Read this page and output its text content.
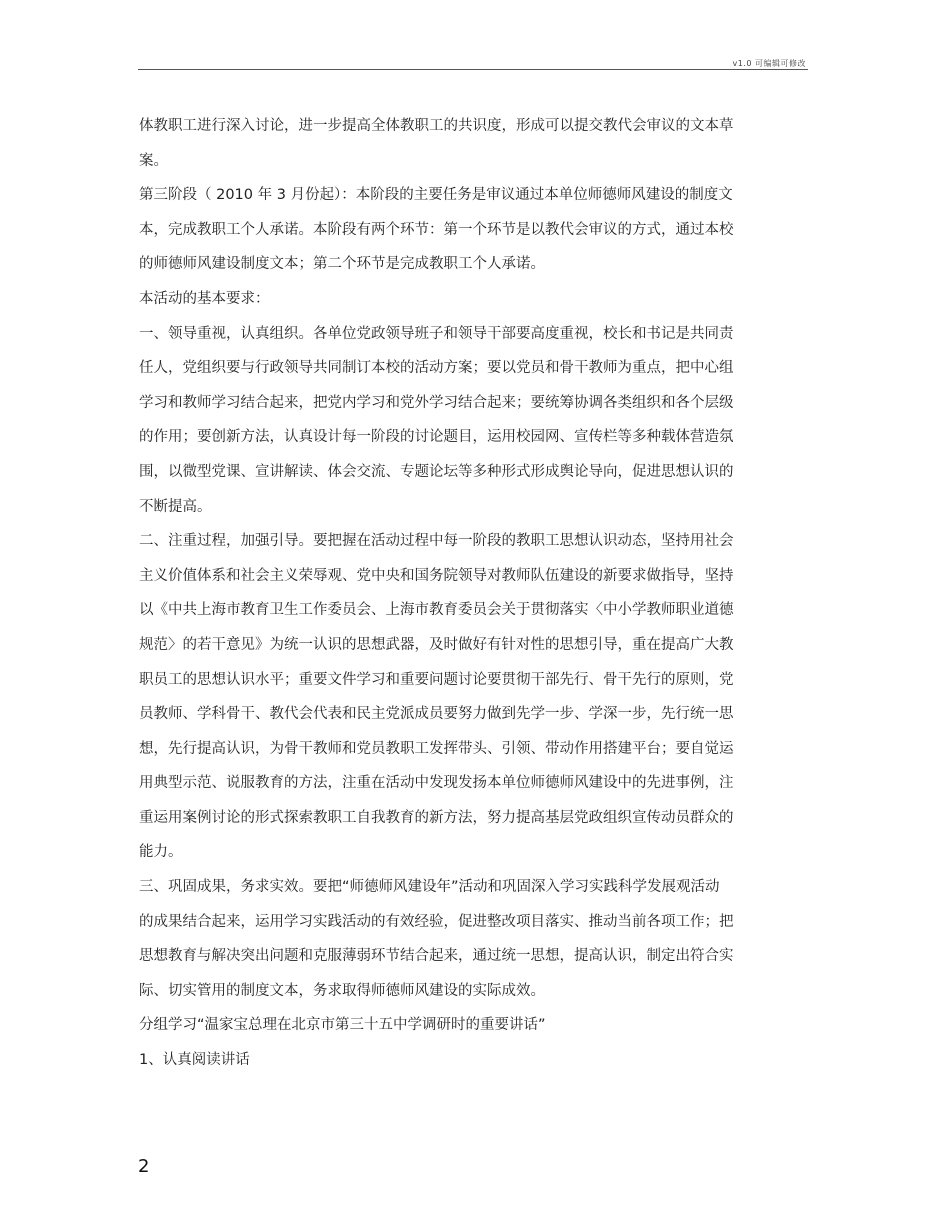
v1.0 可编辑可修改

体教职工进行深入讨论，进一步提高全体教职工的共识度，形成可以提交教代会审议的文本草

案。

第三阶段（ 2010 年 3 月份起）：本阶段的主要任务是审议通过本单位师德师风建设的制度文

本，完成教职工个人承诺。本阶段有两个环节：第一个环节是以教代会审议的方式，通过本校

的师德师风建设制度文本；第二个环节是完成教职工个人承诺。

本活动的基本要求：

一、领导重视，认真组织。各单位党政领导班子和领导干部要高度重视，校长和书记是共同责

任人，党组织要与行政领导共同制订本校的活动方案；要以党员和骨干教师为重点，把中心组

学习和教师学习结合起来，把党内学习和党外学习结合起来；要统筹协调各类组织和各个层级

的作用；要创新方法，认真设计每一阶段的讨论题目，运用校园网、宣传栏等多种载体营造氛

围，以微型党课、宣讲解读、体会交流、专题论坛等多种形式形成舆论导向，促进思想认识的

不断提高。

二、注重过程，加强引导。要把握在活动过程中每一阶段的教职工思想认识动态，坚持用社会

主义价值体系和社会主义荣辱观、党中央和国务院领导对教师队伍建设的新要求做指导，坚持

以《中共上海市教育卫生工作委员会、上海市教育委员会关于贯彻落实〈中小学教师职业道德

规范〉的若干意见》为统一认识的思想武器，及时做好有针对性的思想引导，重在提高广大教

职员工的思想认识水平；重要文件学习和重要问题讨论要贯彻干部先行、骨干先行的原则，党

员教师、学科骨干、教代会代表和民主党派成员要努力做到先学一步、学深一步，先行统一思

想，先行提高认识，为骨干教师和党员教职工发挥带头、引领、带动作用搭建平台；要自觉运

用典型示范、说服教育的方法，注重在活动中发现发扬本单位师德师风建设中的先进事例，注

重运用案例讨论的形式探索教职工自我教育的新方法，努力提高基层党政组织宣传动员群众的

能力。

三、巩固成果，务求实效。要把“师德师风建设年”活动和巩固深入学习实践科学发展观活动

的成果结合起来，运用学习实践活动的有效经验，促进整改项目落实、推动当前各项工作；把

思想教育与解决突出问题和克服薄弱环节结合起来，通过统一思想，提高认识，制定出符合实

际、切实管用的制度文本，务求取得师德师风建设的实际成效。

分组学习“温家宝总理在北京市第三十五中学调研时的重要讲话”

1、认真阅读讲话

2
